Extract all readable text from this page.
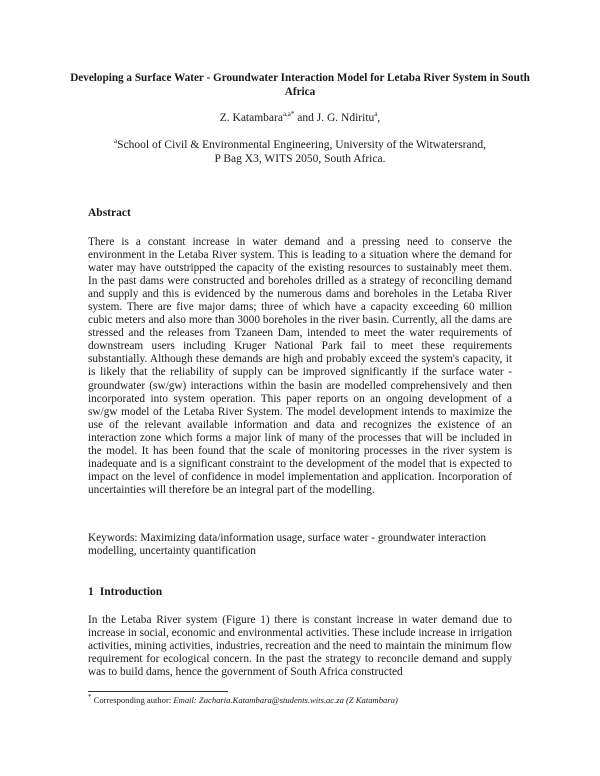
Developing a Surface Water - Groundwater Interaction Model for Letaba River System in South Africa
Z. Katambara$^{a,a*}$ and J. G. Ndiritu$^a$,
$^a$School of Civil & Environmental Engineering, University of the Witwatersrand,
P Bag X3, WITS 2050, South Africa.
Abstract

There is a constant increase in water demand and a pressing need to conserve the environment in the Letaba River system. This is leading to a situation where the demand for water may have outstripped the capacity of the existing resources to sustainably meet them. In the past dams were constructed and boreholes drilled as a strategy of reconciling demand and supply and this is evidenced by the numerous dams and boreholes in the Letaba River system. There are five major dams; three of which have a capacity exceeding 60 million cubic meters and also more than 3000 boreholes in the river basin. Currently, all the dams are stressed and the releases from Tzaneen Dam, intended to meet the water requirements of downstream users including Kruger National Park fail to meet these requirements substantially. Although these demands are high and probably exceed the system's capacity, it is likely that the reliability of supply can be improved significantly if the surface water - groundwater (sw/gw) interactions within the basin are modelled comprehensively and then incorporated into system operation. This paper reports on an ongoing development of a sw/gw model of the Letaba River System. The model development intends to maximize the use of the relevant available information and data and recognizes the existence of an interaction zone which forms a major link of many of the processes that will be included in the model. It has been found that the scale of monitoring processes in the river system is inadequate and is a significant constraint to the development of the model that is expected to impact on the level of confidence in model implementation and application. Incorporation of uncertainties will therefore be an integral part of the modelling.

Keywords: Maximizing data/information usage, surface water - groundwater interaction modelling, uncertainty quantification

1 Introduction

In the Letaba River system (Figure 1) there is constant increase in water demand due to increase in social, economic and environmental activities. These include increase in irrigation activities, mining activities, industries, recreation and the need to maintain the minimum flow requirement for ecological concern. In the past the strategy to reconcile demand and supply was to build dams, hence the government of South Africa constructed

* Corresponding author: Email: Zacharia.Katambara@students.wits.ac.za (Z Katambara)
